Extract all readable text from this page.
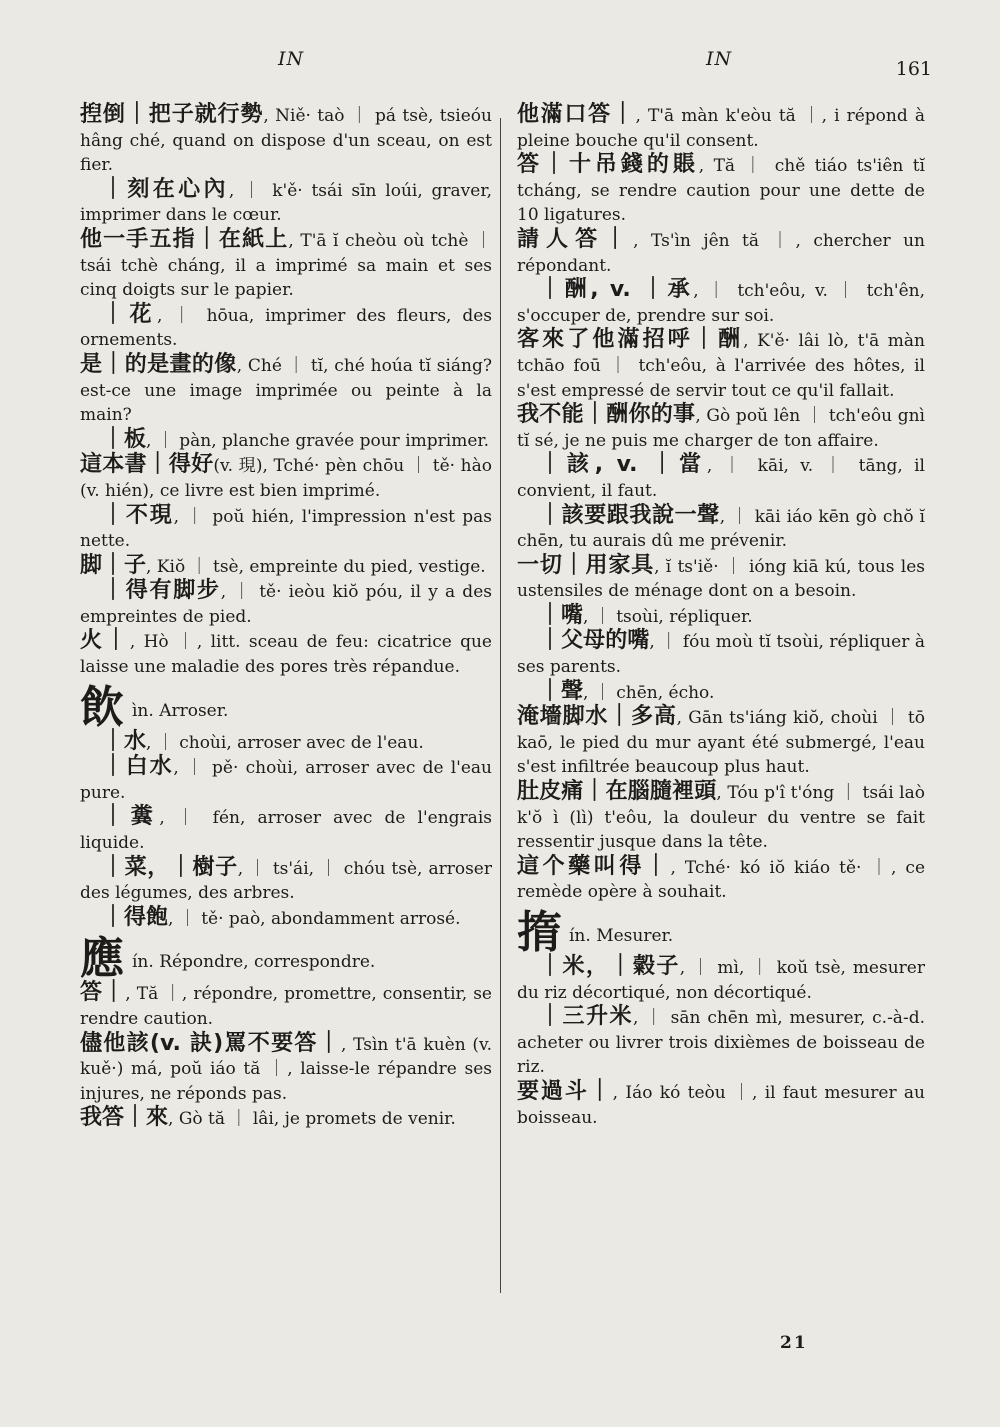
IN	IN	161

揑倒｜把子就行勢, Niě· taò ｜ pá tsè, tsieóu hâng ché, quand on dispose d'un sceau, on est fier.

｜刻在心內, ｜ k'ě· tsái sīn loúi, graver, imprimer dans le cœur.

他一手五指｜在紙上, T'ā ĭ cheòu où tchè ｜ tsái tchè cháng, il a imprimé sa main et ses cinq doigts sur le papier.

｜花, ｜ hōua, imprimer des fleurs, des ornements.

是｜的是畫的像, Ché ｜ tĭ, ché hoúa tĭ siáng? est-ce une image imprimée ou peinte à la main?

｜板, ｜ pàn, planche gravée pour imprimer.

這本書｜得好(v. 現), Tché· pèn chōu ｜ tě· hào (v. hién), ce livre est bien imprimé.

｜不現, ｜ poŭ hién, l'impression n'est pas nette.

脚｜子, Kiŏ ｜ tsè, empreinte du pied, vestige.

｜得有脚步, ｜ tě· ieòu kiŏ póu, il y a des empreintes de pied.

火｜, Hò ｜, litt. sceau de feu: cicatrice que laisse une maladie des pores très répandue.

飲ìn. Arroser.

｜水, ｜ choùi, arroser avec de l'eau.

｜白水, ｜ pě· choùi, arroser avec de l'eau pure.

｜糞, ｜ fén, arroser avec de l'engrais liquide.

｜菜，｜樹子, ｜ ts'ái, ｜ chóu tsè, arroser des légumes, des arbres.

｜得飽, ｜ tě· paò, abondamment arrosé.

應ín. Répondre, correspondre.

答｜, Tă ｜, répondre, promettre, consentir, se rendre caution.

儘他該(v. 訣)罵不要答｜, Tsìn t'ā kuèn (v. kuě·) má, poŭ iáo tă ｜, laisse-le répandre ses injures, ne réponds pas.

我答｜來, Gò tă ｜ lâi, je promets de venir.

他滿口答｜, T'ā màn k'eòu tă ｜, i répond à pleine bouche qu'il consent.

答｜十吊錢的賬, Tă ｜ chě tiáo ts'iên tĭ tcháng, se rendre caution pour une dette de 10 ligatures.

請人答｜, Ts'ìn jên tă ｜, chercher un répondant.

｜酬, v. ｜承, ｜ tch'eôu, v. ｜ tch'ên, s'occuper de, prendre sur soi.

客來了他滿招呼｜酬, K'ě· lâi lò, t'ā màn tchāo foū ｜ tch'eôu, à l'arrivée des hôtes, il s'est empressé de servir tout ce qu'il fallait.

我不能｜酬你的事, Gò poŭ lên ｜ tch'eôu gnì tĭ sé, je ne puis me charger de ton affaire.

｜該, v. ｜當, ｜ kāi, v. ｜ tāng, il convient, il faut.

｜該要跟我說一聲, ｜ kāi iáo kēn gò chŏ ĭ chēn, tu aurais dû me prévenir.

一切｜用家具, ĭ ts'iě· ｜ ióng kiā kú, tous les ustensiles de ménage dont on a besoin.

｜嘴, ｜ tsoùi, répliquer.

｜父母的嘴, ｜ fóu moù tĭ tsoùi, répliquer à ses parents.

｜聲, ｜ chēn, écho.

淹墻脚水｜多高, Gān ts'iáng kiŏ, choùi ｜ tō kaō, le pied du mur ayant été submergé, l'eau s'est infiltrée beaucoup plus haut.

肚皮痛｜在腦膸裡頭, Tóu p'î t'óng ｜ tsái laò k'ŏ ì (lì) t'eôu, la douleur du ventre se fait ressentir jusque dans la tête.

這个藥叫得｜, Tché· kó iŏ kiáo tě· ｜, ce remède opère à souhait.

㨊ín. Mesurer.

｜米，｜糓子, ｜ mì, ｜ koŭ tsè, mesurer du riz décortiqué, non décortiqué.

｜三升米, ｜ sān chēn mì, mesurer, c.-à-d. acheter ou livrer trois dixièmes de boisseau de riz.

要過斗｜, Iáo kó teòu ｜, il faut mesurer au boisseau.

21
